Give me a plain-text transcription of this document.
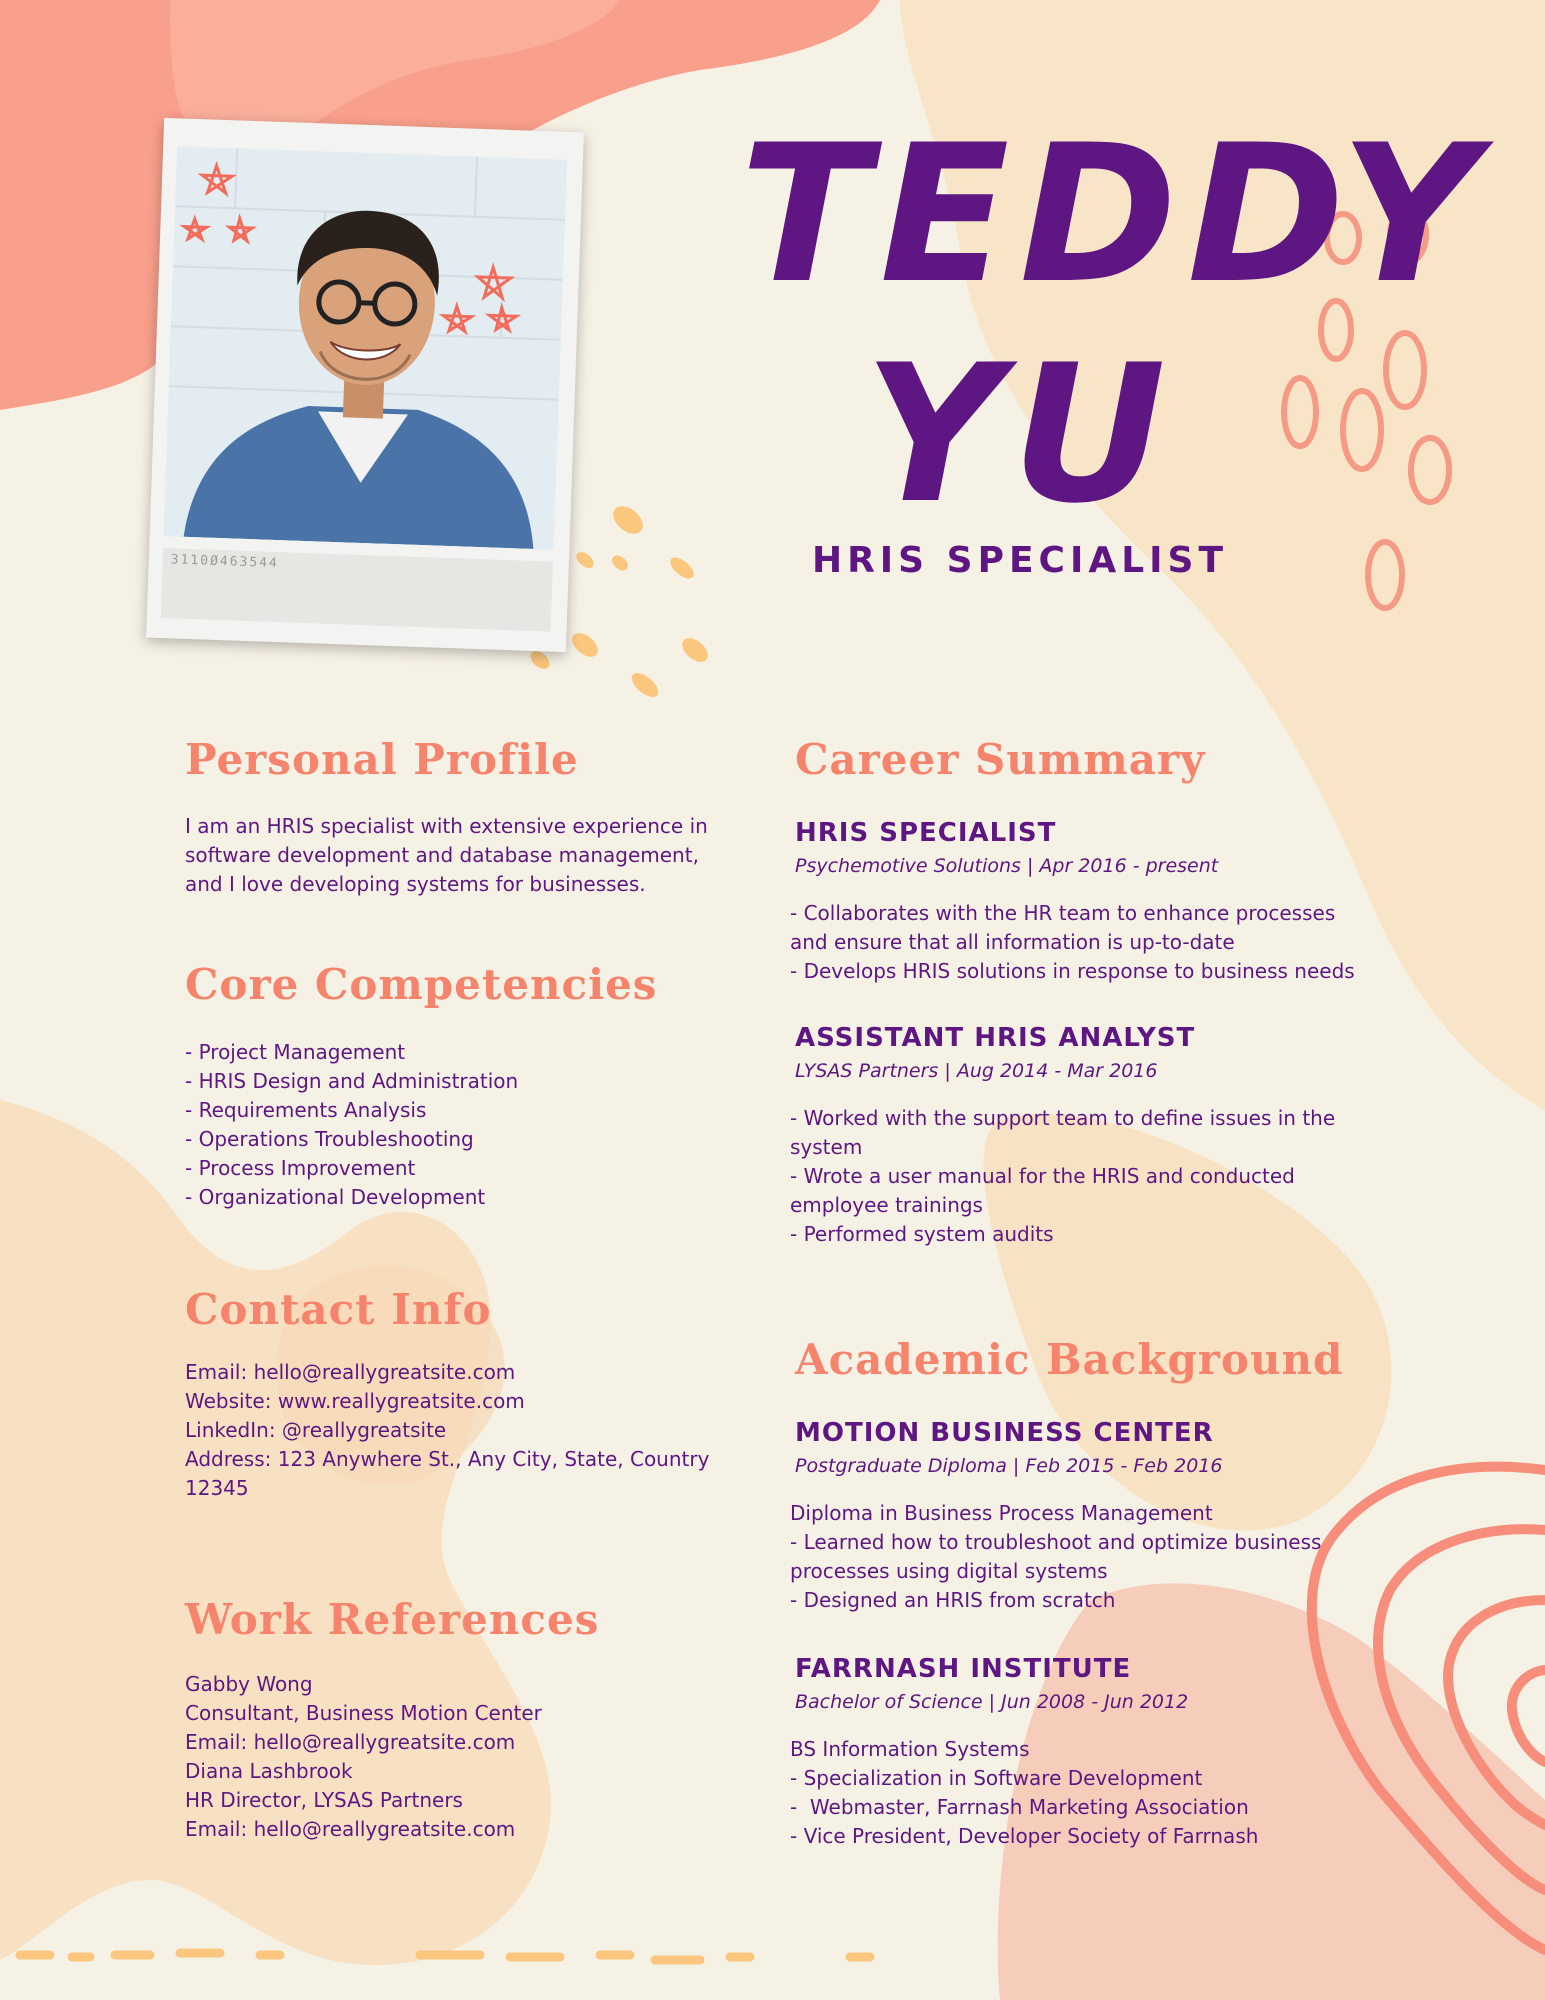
3110Ø463544
TEDDY
YU
HRIS SPECIALIST
Personal Profile
I am an HRIS specialist with extensive experience in
software development and database management,
and I love developing systems for businesses.
Core Competencies
- Project Management
- HRIS Design and Administration
- Requirements Analysis
- Operations Troubleshooting
- Process Improvement
- Organizational Development
Contact Info
Email: hello@reallygreatsite.com
Website: www.reallygreatsite.com
LinkedIn: @reallygreatsite
Address: 123 Anywhere St., Any City, State, Country
12345
Work References
Gabby Wong
Consultant, Business Motion Center
Email: hello@reallygreatsite.com
Diana Lashbrook
HR Director, LYSAS Partners
Email: hello@reallygreatsite.com
Career Summary
HRIS SPECIALIST
Psychemotive Solutions | Apr 2016 - present
- Collaborates with the HR team to enhance processes
and ensure that all information is up-to-date
- Develops HRIS solutions in response to business needs
ASSISTANT HRIS ANALYST
LYSAS Partners | Aug 2014 - Mar 2016
- Worked with the support team to define issues in the
system
- Wrote a user manual for the HRIS and conducted
employee trainings
- Performed system audits
Academic Background
MOTION BUSINESS CENTER
Postgraduate Diploma | Feb 2015 - Feb 2016
Diploma in Business Process Management
- Learned how to troubleshoot and optimize business
processes using digital systems
- Designed an HRIS from scratch
FARRNASH INSTITUTE
Bachelor of Science | Jun 2008 - Jun 2012
BS Information Systems
- Specialization in Software Development
-  Webmaster, Farrnash Marketing Association
- Vice President, Developer Society of Farrnash
